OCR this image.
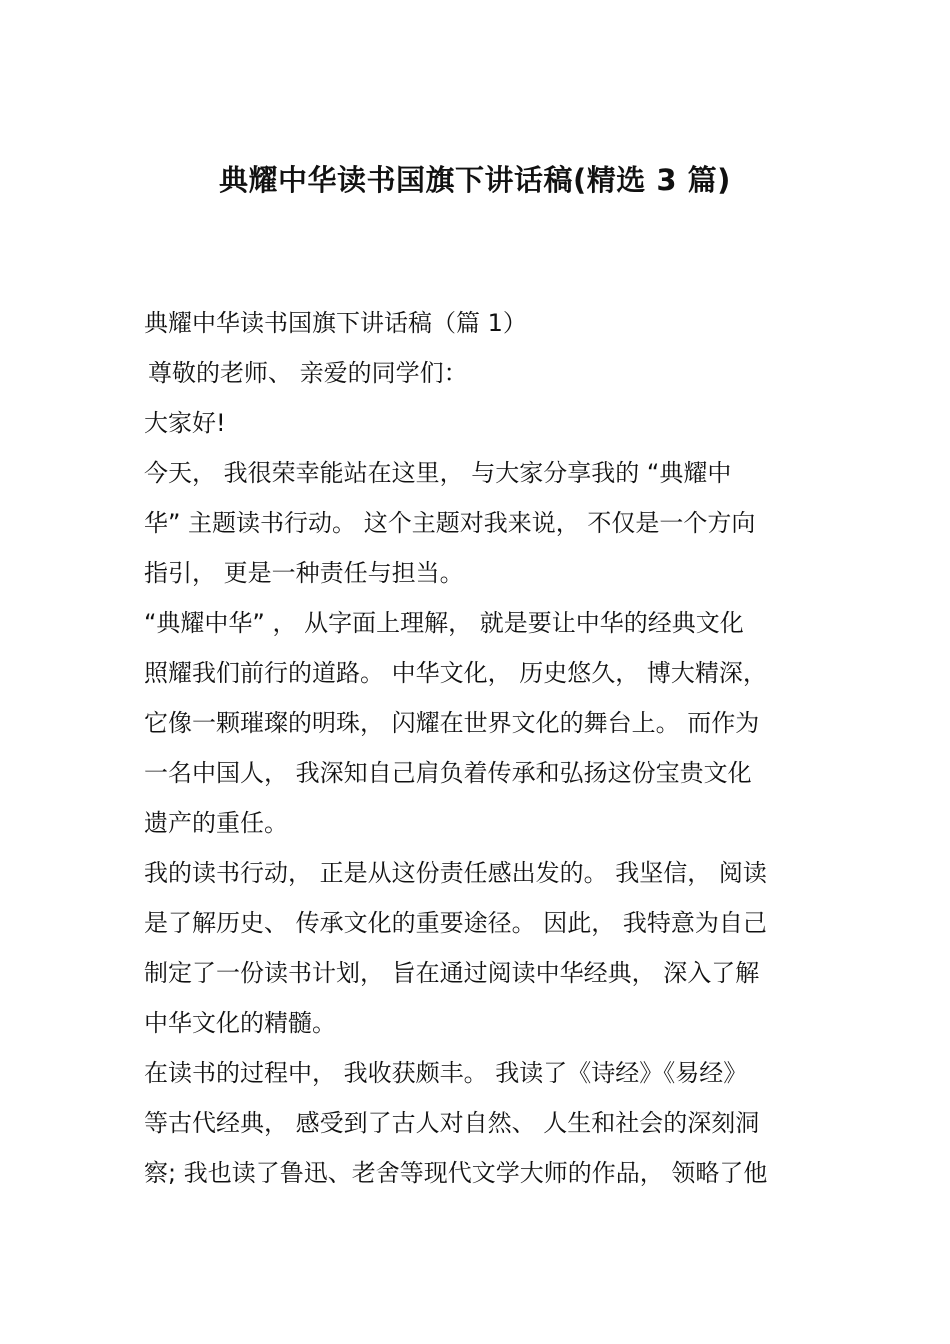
典耀中华读书国旗下讲话稿(精选 3 篇)
典耀中华读书国旗下讲话稿（篇 1）
尊敬的老师、 亲爱的同学们：
大家好!
今天， 我很荣幸能站在这里， 与大家分享我的 “典耀中
华” 主题读书行动。 这个主题对我来说， 不仅是一个方向
指引， 更是一种责任与担当。
“典耀中华” ， 从字面上理解， 就是要让中华的经典文化
照耀我们前行的道路。 中华文化， 历史悠久， 博大精深，
它像一颗璀璨的明珠， 闪耀在世界文化的舞台上。 而作为
一名中国人， 我深知自己肩负着传承和弘扬这份宝贵文化
遗产的重任。
我的读书行动， 正是从这份责任感出发的。 我坚信， 阅读
是了解历史、 传承文化的重要途径。 因此， 我特意为自己
制定了一份读书计划， 旨在通过阅读中华经典， 深入了解
中华文化的精髓。
在读书的过程中， 我收获颇丰。 我读了《诗经》《易经》
等古代经典， 感受到了古人对自然、 人生和社会的深刻洞
察; 我也读了鲁迅、老舍等现代文学大师的作品， 领略了他
